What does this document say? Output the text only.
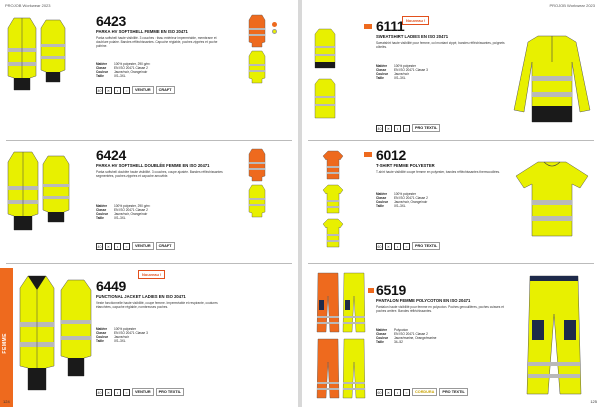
PROJOB Workwear 2023
6423
PARKA HV SOFTSHELL FEMME EN ISO 20471
Parka softshell haute visibilité. 3 couches : tissu extérieur imperméable, membrane et doublure polaire. Bandes réfléchissantes. Capuche réglable, poches zippées et poche poitrine.
Matière	100% polyester, 290 g/m²
Classe	EN ISO 20471 Classe 2
Couleur	Jaune/noir, Orange/noir
Taille	XS–3XL
40	✕	•	○	VENTUR	CRAFT
6424
PARKA HV SOFTSHELL DOUBLÉE FEMME EN ISO 20471
Parka softshell doublée haute visibilité. 3 couches, coupe ajustée. Bandes réfléchissantes segmentées, poches zippées et capuche amovible.
Matière	100% polyester, 290 g/m²
Classe	EN ISO 20471 Classe 2
Couleur	Jaune/noir, Orange/noir
Taille	XS–3XL
40	✕	•	○	VENTUR	CRAFT
Nouveau !
6449
FUNCTIONAL JACKET LADIES EN ISO 20471
Veste fonctionnelle haute visibilité, coupe femme. Imperméable et respirante, coutures étanchées, capuche réglable, nombreuses poches.
Matière	100% polyester
Classe	EN ISO 20471 Classe 3
Couleur	Jaune/noir
Taille	XS–3XL
40	✕	•	○	VENTUR	PRO TEXTIL
FEMME
124
PROJOB Workwear 2023
Nouveau !
6111
SWEATSHIRT LADIES EN ISO 20471
Sweatshirt haute visibilité pour femme, col montant zippé, bandes réfléchissantes, poignets côtelés.
Matière	100% polyester
Classe	EN ISO 20471 Classe 3
Couleur	Jaune/noir
Taille	XS–3XL
40	✕	•	○	PRO TEXTIL
6012
T-SHIRT FEMME POLYESTER
T-shirt haute visibilité coupe femme en polyester, bandes réfléchissantes thermocollées.
Matière	100% polyester
Classe	EN ISO 20471 Classe 2
Couleur	Jaune/noir, Orange/noir
Taille	XS–3XL
60	✕	•	○	PRO TEXTIL
6519
PANTALON FEMME POLYCOTON EN ISO 20471
Pantalon haute visibilité pour femme en polycoton. Poches genouillères, poches cuisses et poches arrière. Bandes réfléchissantes.
Matière	Polycoton
Classe	EN ISO 20471 Classe 2
Couleur	Jaune/marine, Orange/marine
Taille	34–52
60	✕	•	○	CORDURA	PRO TEXTIL
125
